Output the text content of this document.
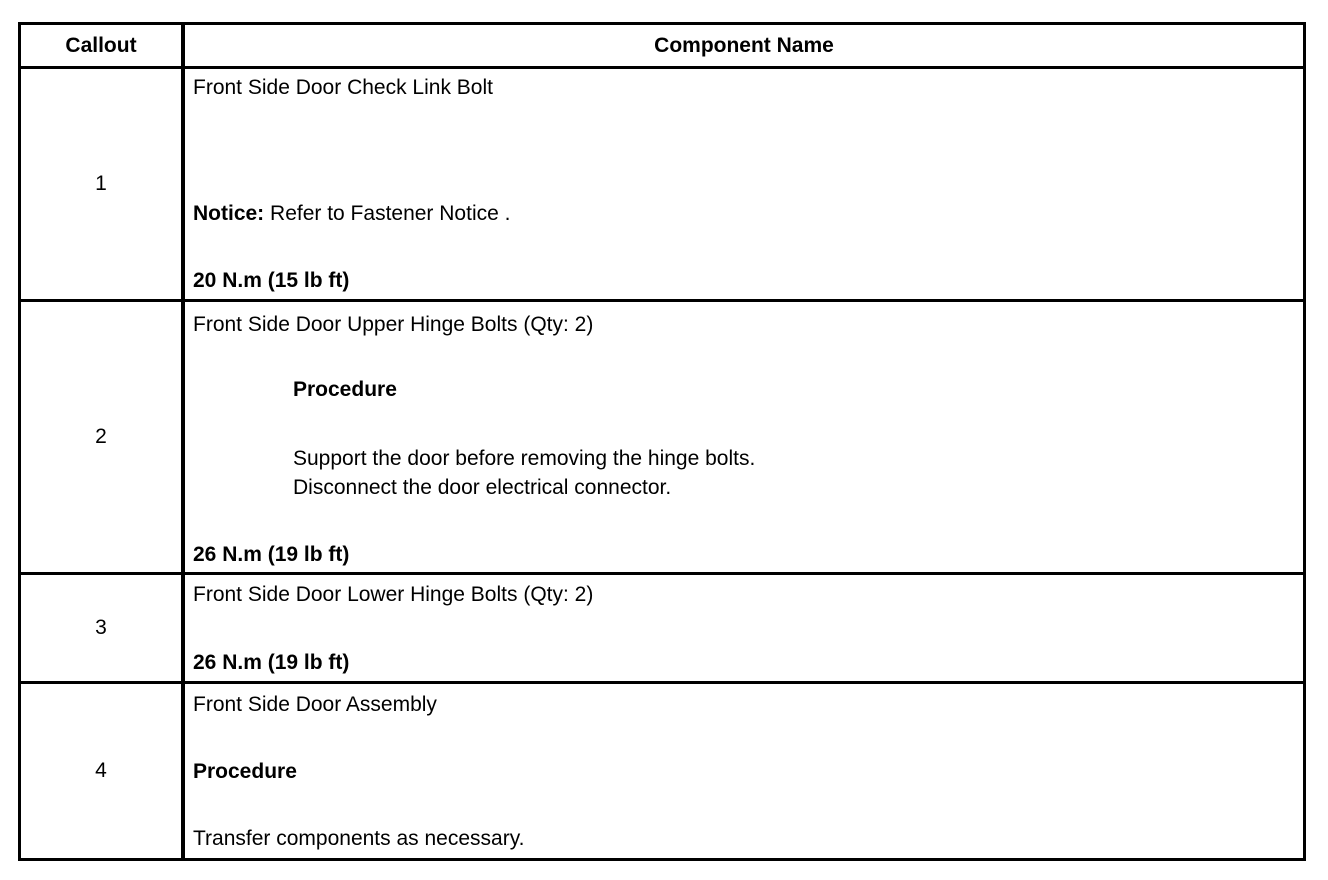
Callout	Component Name
1
Front Side Door Check Link Bolt
Notice: Refer to Fastener Notice .
20 N.m (15 lb ft)
2
Front Side Door Upper Hinge Bolts (Qty: 2)
Procedure
Support the door before removing the hinge bolts.
Disconnect the door electrical connector.
26 N.m (19 lb ft)
3
Front Side Door Lower Hinge Bolts (Qty: 2)
26 N.m (19 lb ft)
4
Front Side Door Assembly
Procedure
Transfer components as necessary.
